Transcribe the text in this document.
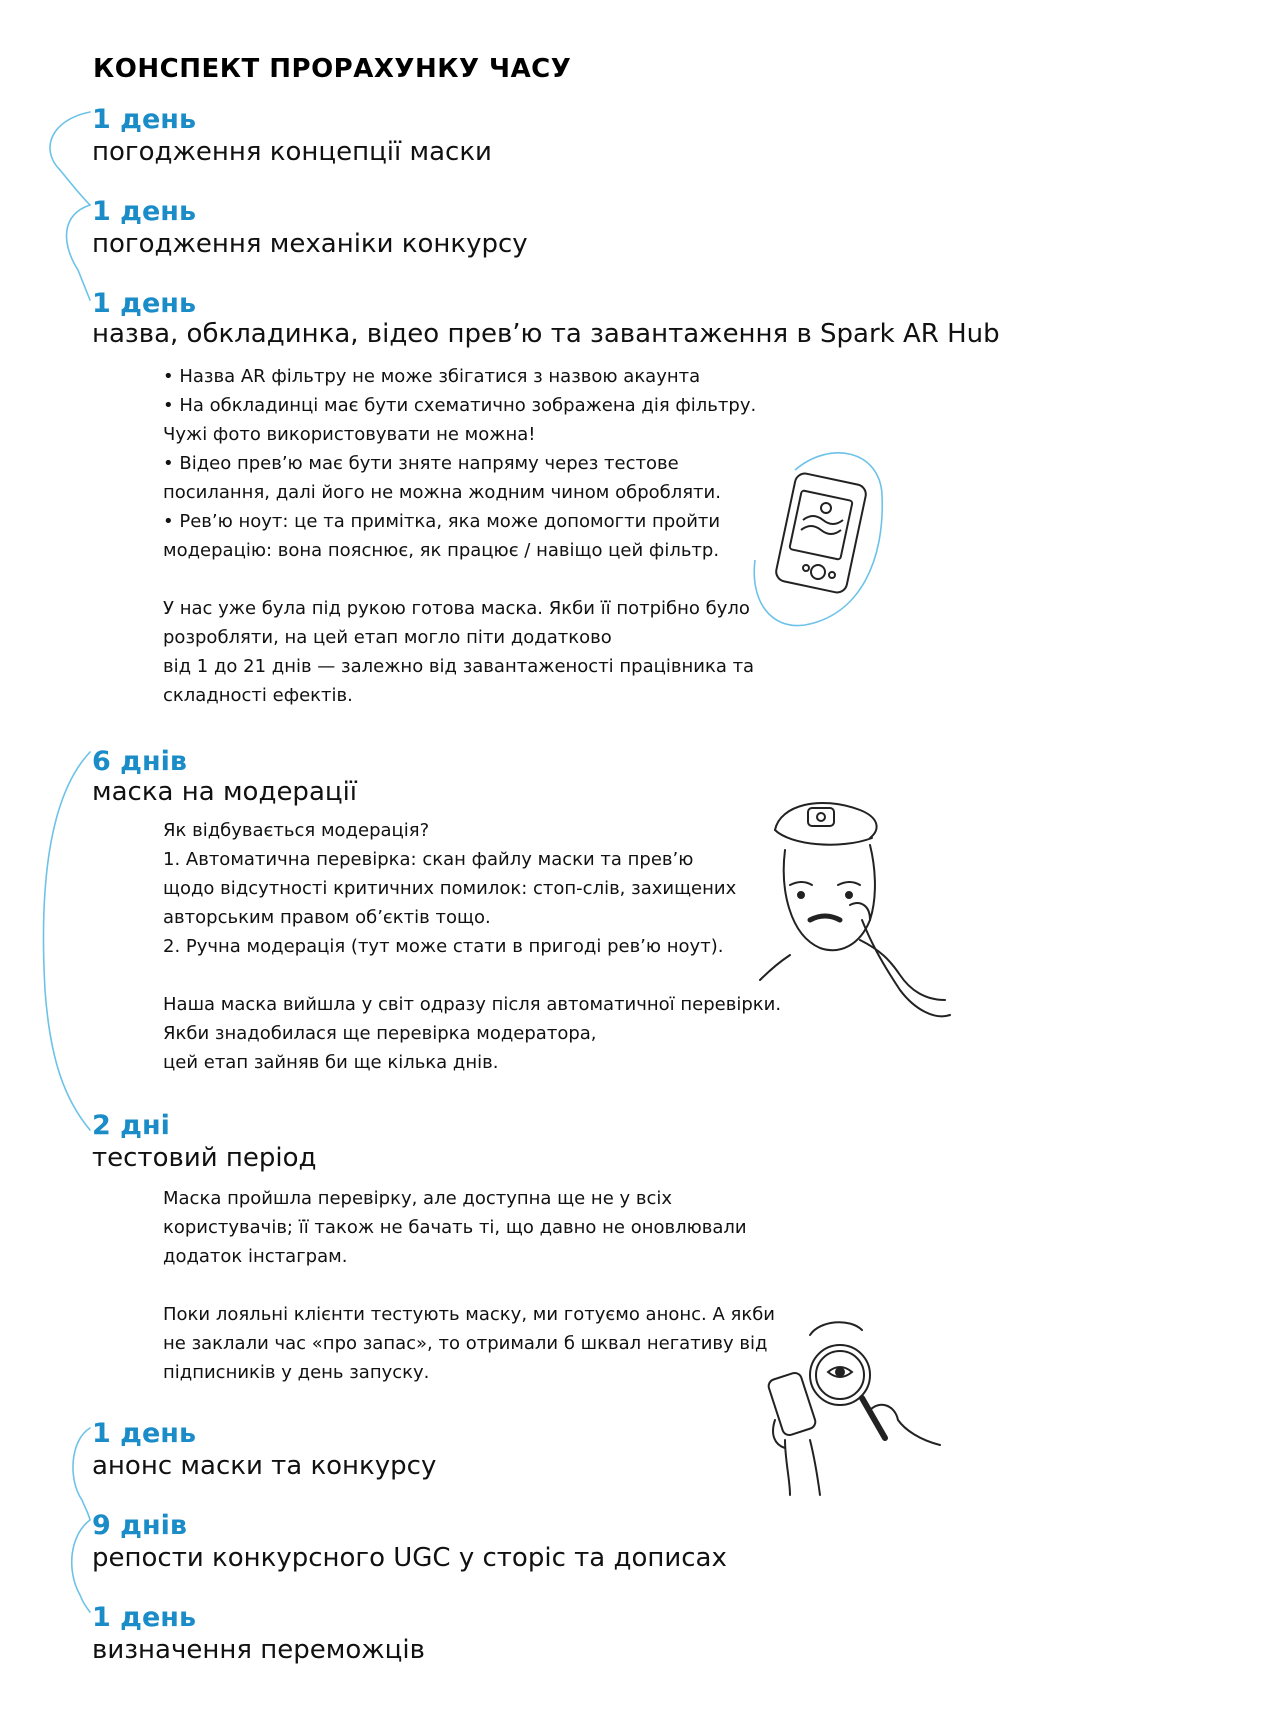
КОНСПЕКТ ПРОРАХУНКУ ЧАСУ
1 день
погодження концепції маски
1 день
погодження механіки конкурсу
1 день
назва, обкладинка, відео прев’ю та завантаження в Spark AR Hub

• Назва AR фільтру не може збігатися з назвою акаунта

• На обкладинці має бути схематично зображена дія фільтру.

Чужі фото використовувати не можна!

• Відео прев’ю має бути зняте напряму через тестове

посилання, далі його не можна жодним чином обробляти.

• Рев’ю ноут: це та примітка, яка може допомогти пройти

модерацію: вона пояснює, як працює / навіщо цей фільтр.

У нас уже була під рукою готова маска. Якби її потрібно було

розробляти, на цей етап могло піти додатково

від 1 до 21 днів — залежно від завантаженості працівника та

складності ефектів.

6 днів
маска на модерації

Як відбувається модерація?

1. Автоматична перевірка: скан файлу маски та прев’ю

щодо відсутності критичних помилок: стоп-слів, захищених

авторським правом об’єктів тощо.

2. Ручна модерація (тут може стати в пригоді рев’ю ноут).

Наша маска вийшла у світ одразу після автоматичної перевірки.

Якби знадобилася ще перевірка модератора,

цей етап зайняв би ще кілька днів.

2 дні
тестовий період

Маска пройшла перевірку, але доступна ще не у всіх

користувачів; її також не бачать ті, що давно не оновлювали

додаток інстаграм.

Поки лояльні клієнти тестують маску, ми готуємо анонс. А якби

не заклали час «про запас», то отримали б шквал негативу від

підписників у день запуску.

1 день
анонс маски та конкурсу
9 днів
репости конкурсного UGC у сторіс та дописах
1 день
визначення переможців
